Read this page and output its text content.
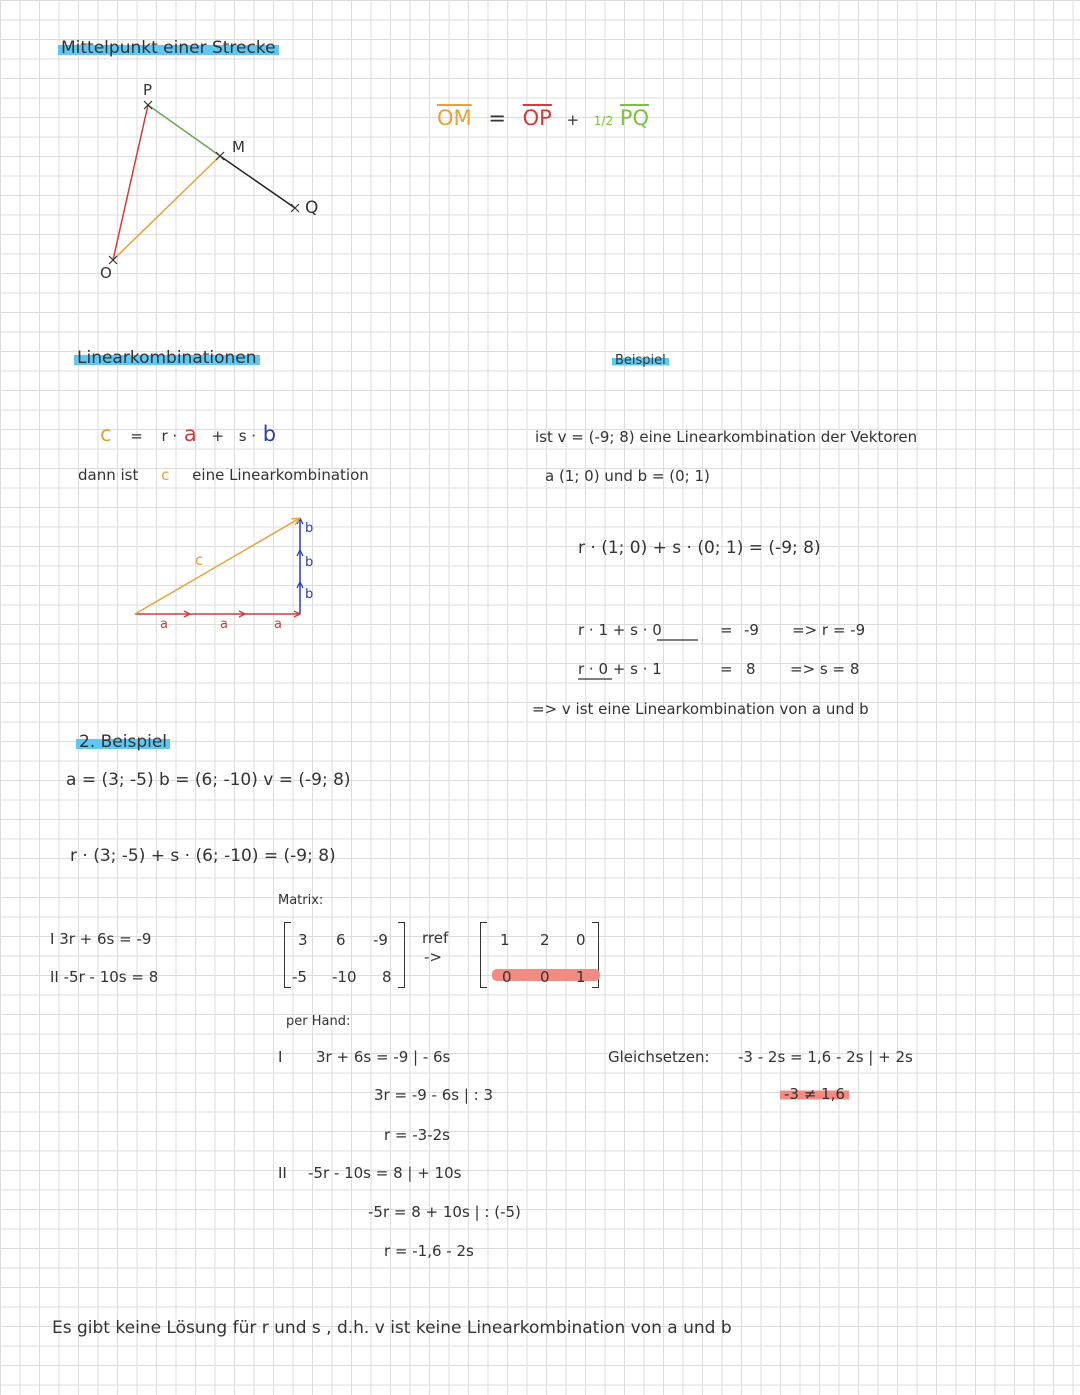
Mittelpunkt einer Strecke
P
M
Q
O
$\overline{OM} = \overline{OP} + 1/2$ $\overline{PQ}$
Linearkombinationen
c = r · a + s · b
dann ist c eine Linearkombination
c
a	a	a
b
b
b
Beispiel
ist v = (-9; 8) eine Linearkombination der Vektoren
a (1; 0) und b = (0; 1)
r · (1; 0) + s · (0; 1) = (-9; 8)
r · 1 + s · 0	= -9 => r = -9
r · 0 + s · 1	= 8 => s = 8
=> v ist eine Linearkombination von a und b
2. Beispiel
a = (3; -5) b = (6; -10) v = (-9; 8)
r · (3; -5) + s · (6; -10) = (-9; 8)
I 3r + 6s = -9
II -5r - 10s = 8
Matrix:
3 6 -9
-5 -10 8
rref
->
1 2 0
0 0 1
per Hand:
I 3r + 6s = -9 | - 6s
3r = -9 - 6s | : 3
r = -3-2s
II -5r - 10s = 8 | + 10s
-5r = 8 + 10s | : (-5)
r = -1,6 - 2s
Gleichsetzen: -3 - 2s = 1,6 - 2s | + 2s
-3 ≠ 1,6
Es gibt keine Lösung für r und s , d.h. v ist keine Linearkombination von a und b
